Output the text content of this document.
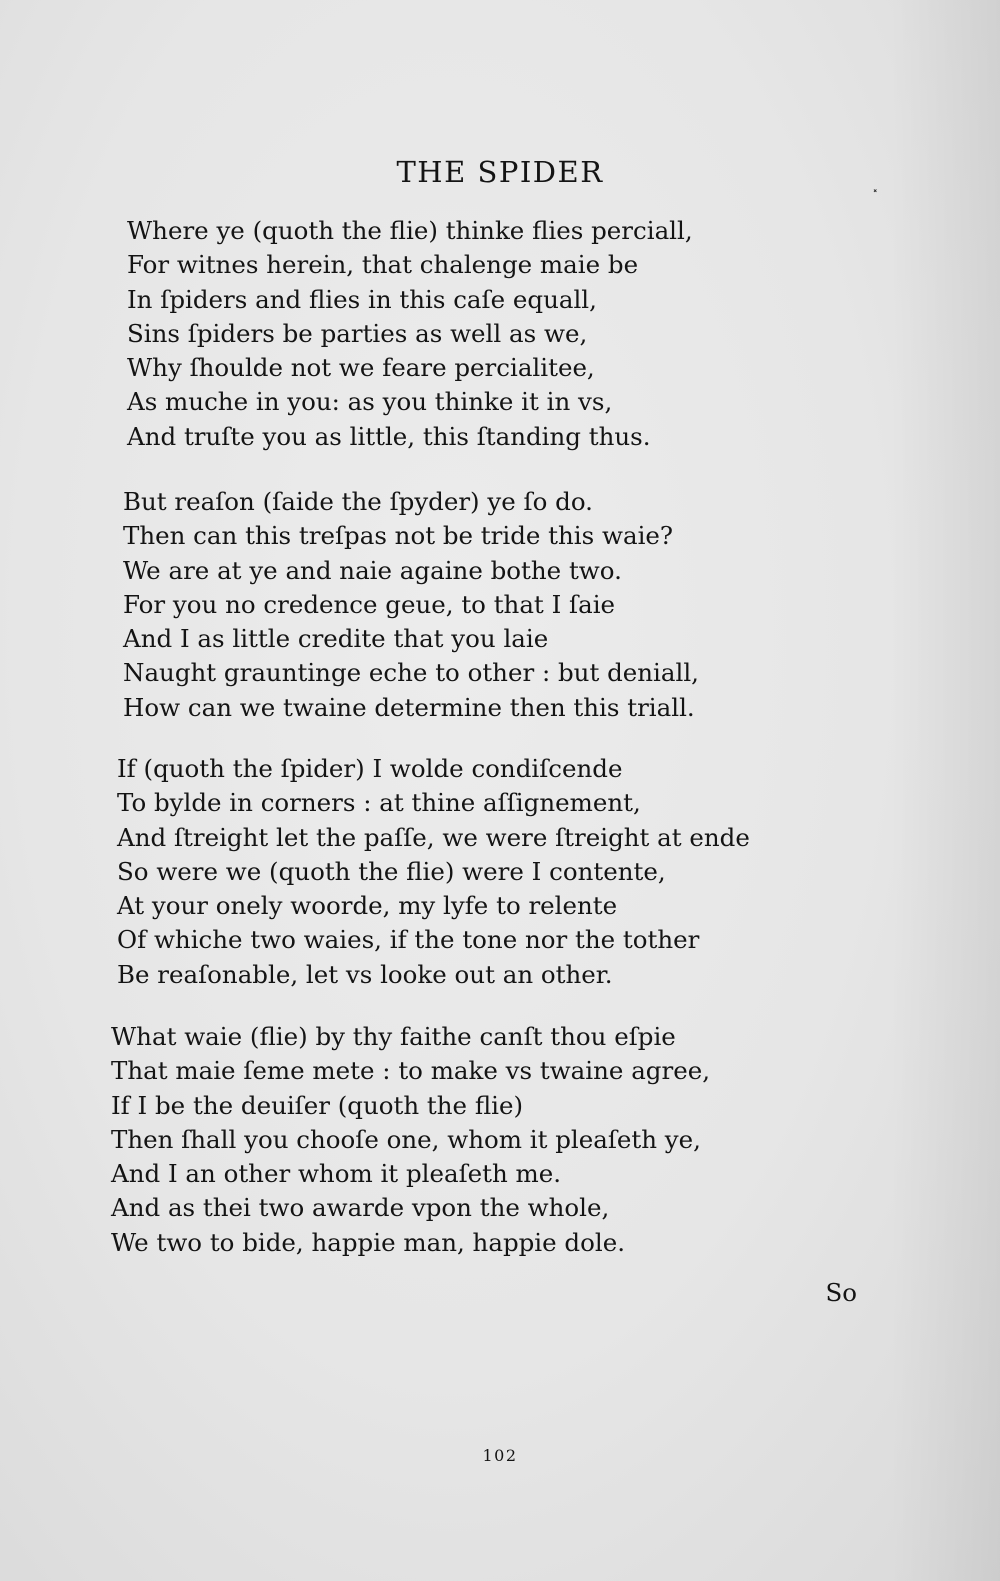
⸼
THE SPIDER
Where ye (quoth the flie) thinke flies perciall,
For witnes herein, that chalenge maie be
In ſpiders and flies in this caſe equall,
Sins ſpiders be parties as well as we,
Why ſhoulde not we feare percialitee,
As muche in you: as you thinke it in vs,
And truſte you as little, this ſtanding thus.
But reaſon (ſaide the ſpyder) ye ſo do.
Then can this treſpas not be tride this waie?
We are at ye and naie againe bothe two.
For you no credence geue, to that I ſaie
And I as little credite that you laie
Naught grauntinge eche to other : but deniall,
How can we twaine determine then this triall.
If (quoth the ſpider) I wolde condiſcende
To bylde in corners : at thine aſſignement,
And ſtreight let the paſſe, we were ſtreight at ende
So were we (quoth the flie) were I contente,
At your onely woorde, my lyfe to relente
Of whiche two waies, if the tone nor the tother
Be reaſonable, let vs looke out an other.
What waie (flie) by thy faithe canſt thou eſpie
That maie ſeme mete : to make vs twaine agree,
If I be the deuiſer (quoth the flie)
Then ſhall you chooſe one, whom it pleaſeth ye,
And I an other whom it pleaſeth me.
And as thei two awarde vpon the whole,
We two to bide, happie man, happie dole.
So
102
